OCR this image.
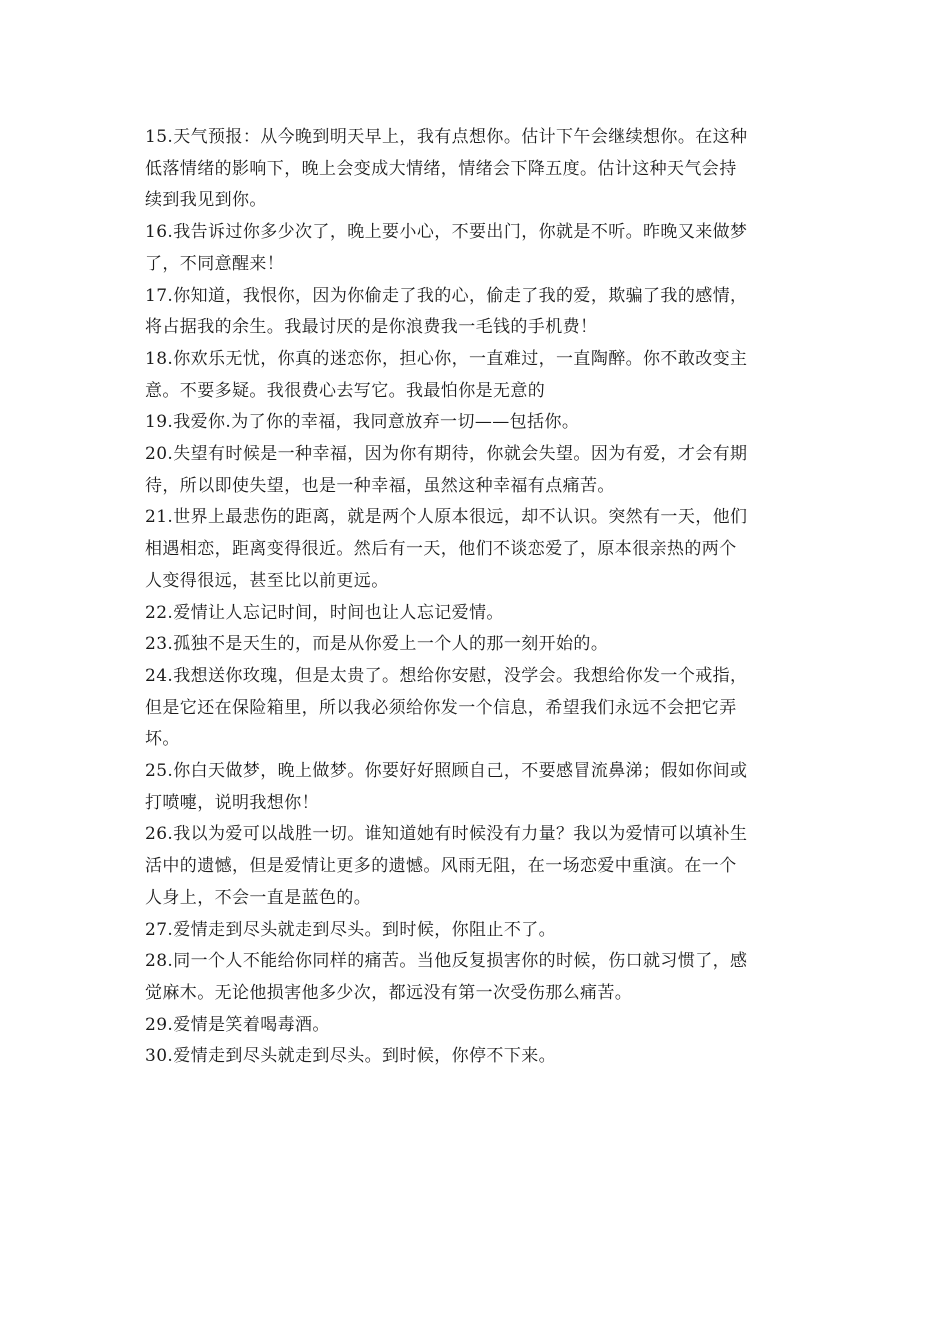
15.天气预报：从今晚到明天早上，我有点想你。估计下午会继续想你。在这种
低落情绪的影响下，晚上会变成大情绪，情绪会下降五度。估计这种天气会持
续到我见到你。
16.我告诉过你多少次了，晚上要小心，不要出门，你就是不听。昨晚又来做梦
了，不同意醒来！
17.你知道，我恨你，因为你偷走了我的心，偷走了我的爱，欺骗了我的感情，
将占据我的余生。我最讨厌的是你浪费我一毛钱的手机费！
18.你欢乐无忧，你真的迷恋你，担心你，一直难过，一直陶醉。你不敢改变主
意。不要多疑。我很费心去写它。我最怕你是无意的
19.我爱你.为了你的幸福，我同意放弃一切——包括你。
20.失望有时候是一种幸福，因为你有期待，你就会失望。因为有爱，才会有期
待，所以即使失望，也是一种幸福，虽然这种幸福有点痛苦。
21.世界上最悲伤的距离，就是两个人原本很远，却不认识。突然有一天，他们
相遇相恋，距离变得很近。然后有一天，他们不谈恋爱了，原本很亲热的两个
人变得很远，甚至比以前更远。
22.爱情让人忘记时间，时间也让人忘记爱情。
23.孤独不是天生的，而是从你爱上一个人的那一刻开始的。
24.我想送你玫瑰，但是太贵了。想给你安慰，没学会。我想给你发一个戒指，
但是它还在保险箱里，所以我必须给你发一个信息，希望我们永远不会把它弄
坏。
25.你白天做梦，晚上做梦。你要好好照顾自己，不要感冒流鼻涕；假如你间或
打喷嚏，说明我想你！
26.我以为爱可以战胜一切。谁知道她有时候没有力量？我以为爱情可以填补生
活中的遗憾，但是爱情让更多的遗憾。风雨无阻，在一场恋爱中重演。在一个
人身上，不会一直是蓝色的。
27.爱情走到尽头就走到尽头。到时候，你阻止不了。
28.同一个人不能给你同样的痛苦。当他反复损害你的时候，伤口就习惯了，感
觉麻木。无论他损害他多少次，都远没有第一次受伤那么痛苦。
29.爱情是笑着喝毒酒。
30.爱情走到尽头就走到尽头。到时候，你停不下来。
